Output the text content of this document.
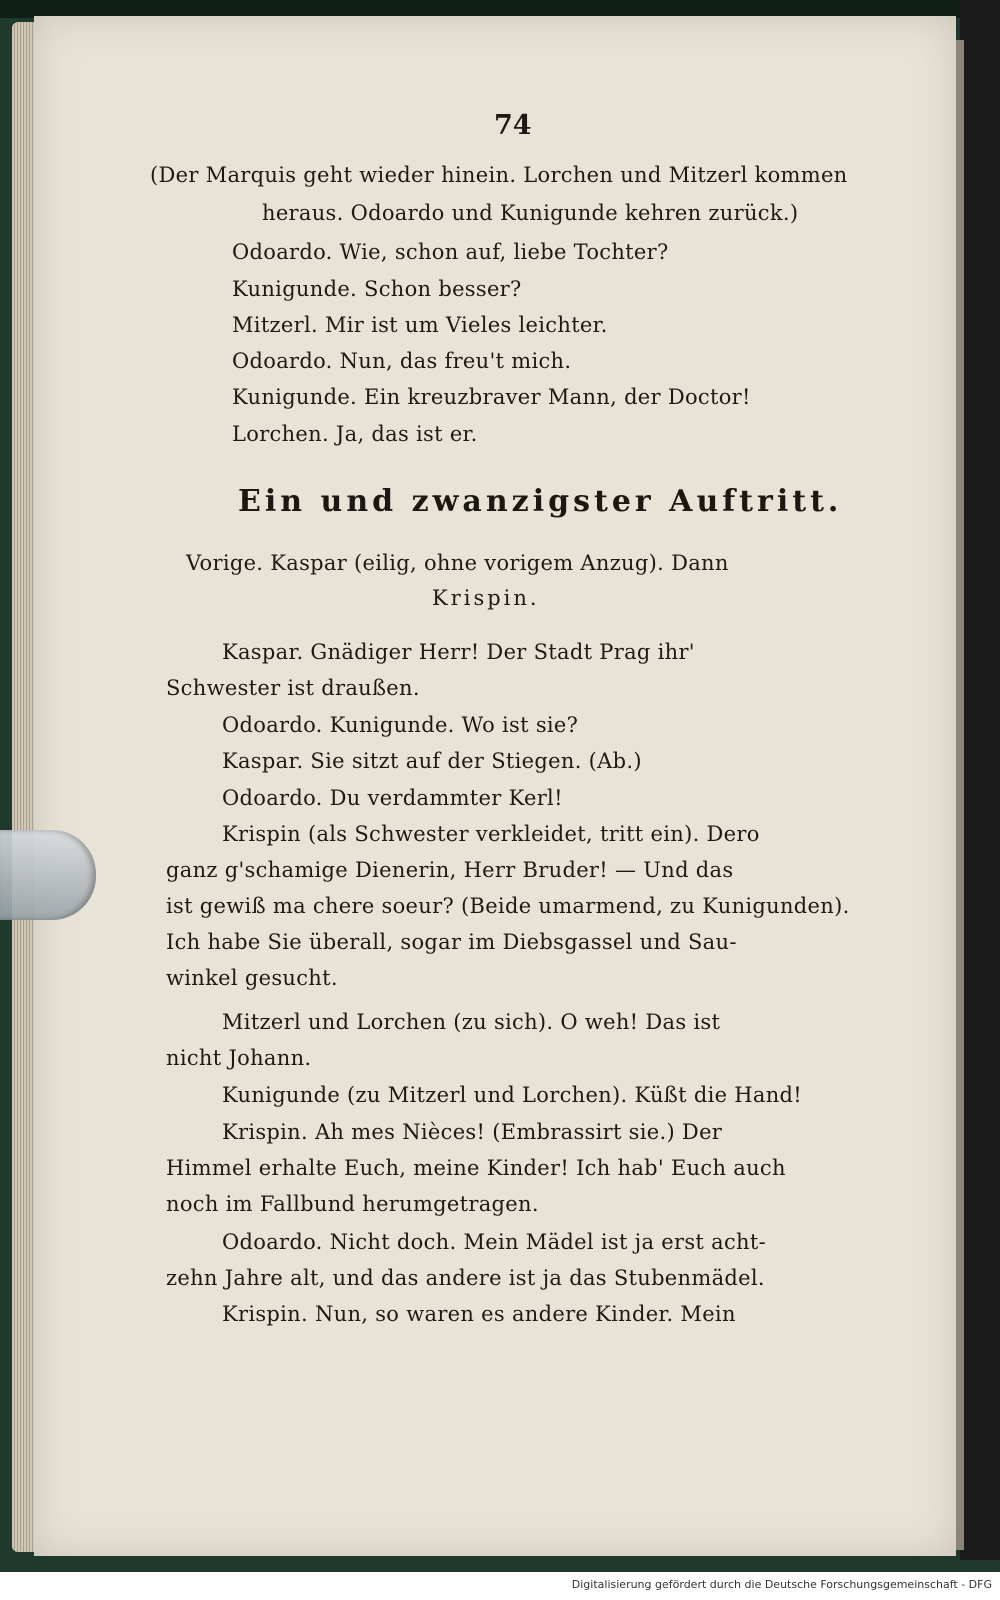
74
(Der Marquis geht wieder hinein. Lorchen und Mitzerl kommen
heraus. Odoardo und Kunigunde kehren zurück.)
Odoardo. Wie, schon auf, liebe Tochter?
Kunigunde. Schon besser?
Mitzerl. Mir ist um Vieles leichter.
Odoardo. Nun, das freu't mich.
Kunigunde. Ein kreuzbraver Mann, der Doctor!
Lorchen. Ja, das ist er.
Ein und zwanzigster Auftritt.
Vorige. Kaspar (eilig, ohne vorigem Anzug). Dann
Krispin.
Kaspar. Gnädiger Herr! Der Stadt Prag ihr'
Schwester ist draußen.
Odoardo. Kunigunde. Wo ist sie?
Kaspar. Sie sitzt auf der Stiegen. (Ab.)
Odoardo. Du verdammter Kerl!
Krispin (als Schwester verkleidet, tritt ein). Dero
ganz g'schamige Dienerin, Herr Bruder! — Und das
ist gewiß ma chere soeur? (Beide umarmend, zu Kunigunden).
Ich habe Sie überall, sogar im Diebsgassel und Sau-
winkel gesucht.
Mitzerl und Lorchen (zu sich). O weh! Das ist
nicht Johann.
Kunigunde (zu Mitzerl und Lorchen). Küßt die Hand!
Krispin. Ah mes Nièces! (Embrassirt sie.) Der
Himmel erhalte Euch, meine Kinder! Ich hab' Euch auch
noch im Fallbund herumgetragen.
Odoardo. Nicht doch. Mein Mädel ist ja erst acht-
zehn Jahre alt, und das andere ist ja das Stubenmädel.
Krispin. Nun, so waren es andere Kinder. Mein
Digitalisierung gefördert durch die Deutsche Forschungsgemeinschaft - DFG
